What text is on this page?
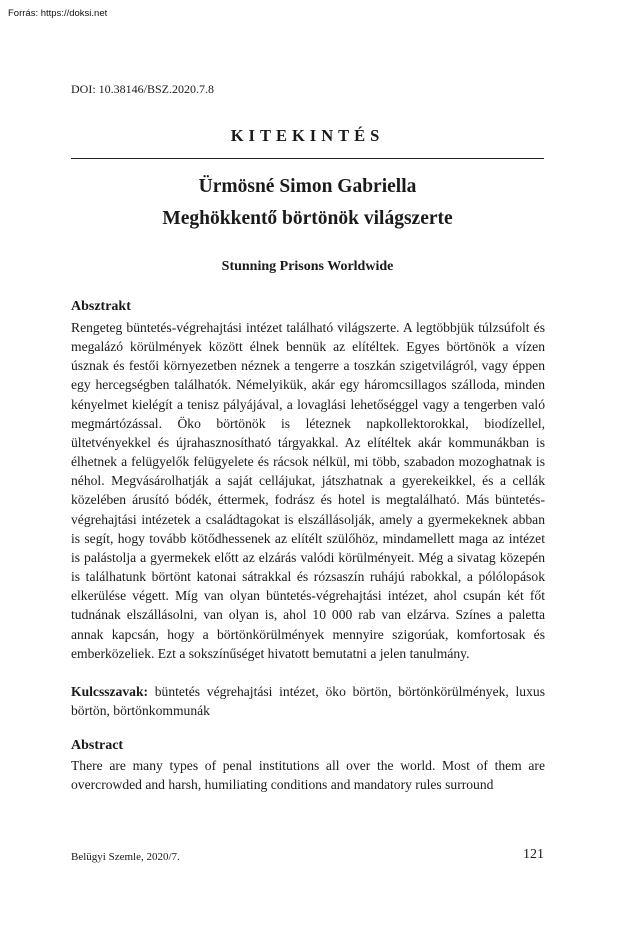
Forrás: https://doksi.net
DOI: 10.38146/BSZ.2020.7.8
KITEKINTÉS
Ürmösné Simon Gabriella
Meghökkentő börtönök világszerte
Stunning Prisons Worldwide
Absztrakt
Rengeteg büntetés-végrehajtási intézet található világszerte. A legtöbbjük túlzsúfolt és megalázó körülmények között élnek bennük az elítéltek. Egyes börtönök a vízen úsznak és festői környezetben néznek a tengerre a toszkán szigetvilágról, vagy éppen egy hercegségben találhatók. Némelyikük, akár egy háromcsillagos szálloda, minden kényelmet kielégít a tenisz pályájával, a lovaglási lehetőséggel vagy a tengerben való megmártózással. Öko börtönök is léteznek napkollektorokkal, biodízellel, ültetvényekkel és újrahasznosítható tárgyakkal. Az elítéltek akár kommunákban is élhetnek a felügyelők felügyelete és rácsok nélkül, mi több, szabadon mozoghatnak is néhol. Megvásárolhatják a saját cellájukat, játszhatnak a gyerekeikkel, és a cellák közelében árusító bódék, éttermek, fodrász és hotel is megtalálható. Más büntetés-végrehajtási intézetek a családtagokat is elszállásolják, amely a gyermekeknek abban is segít, hogy tovább kötődhessenek az elítélt szülőhöz, mindamellett maga az intézet is palástolja a gyermekek előtt az elzárás valódi körülményeit. Még a sivatag közepén is találhatunk börtönt katonai sátrakkal és rózsaszín ruhájú rabokkal, a pólólopások elkerülése végett. Míg van olyan büntetés-végrehajtási intézet, ahol csupán két főt tudnának elszállásolni, van olyan is, ahol 10 000 rab van elzárva. Színes a paletta annak kapcsán, hogy a börtönkörülmények mennyire szigorúak, komfortosak és emberközeliek. Ezt a sokszínűséget hivatott bemutatni a jelen tanulmány.
Kulcsszavak: büntetés végrehajtási intézet, öko börtön, börtönkörülmények, luxus börtön, börtönkommunák
Abstract
There are many types of penal institutions all over the world. Most of them are overcrowded and harsh, humiliating conditions and mandatory rules surround
Belügyi Szemle, 2020/7.	121
